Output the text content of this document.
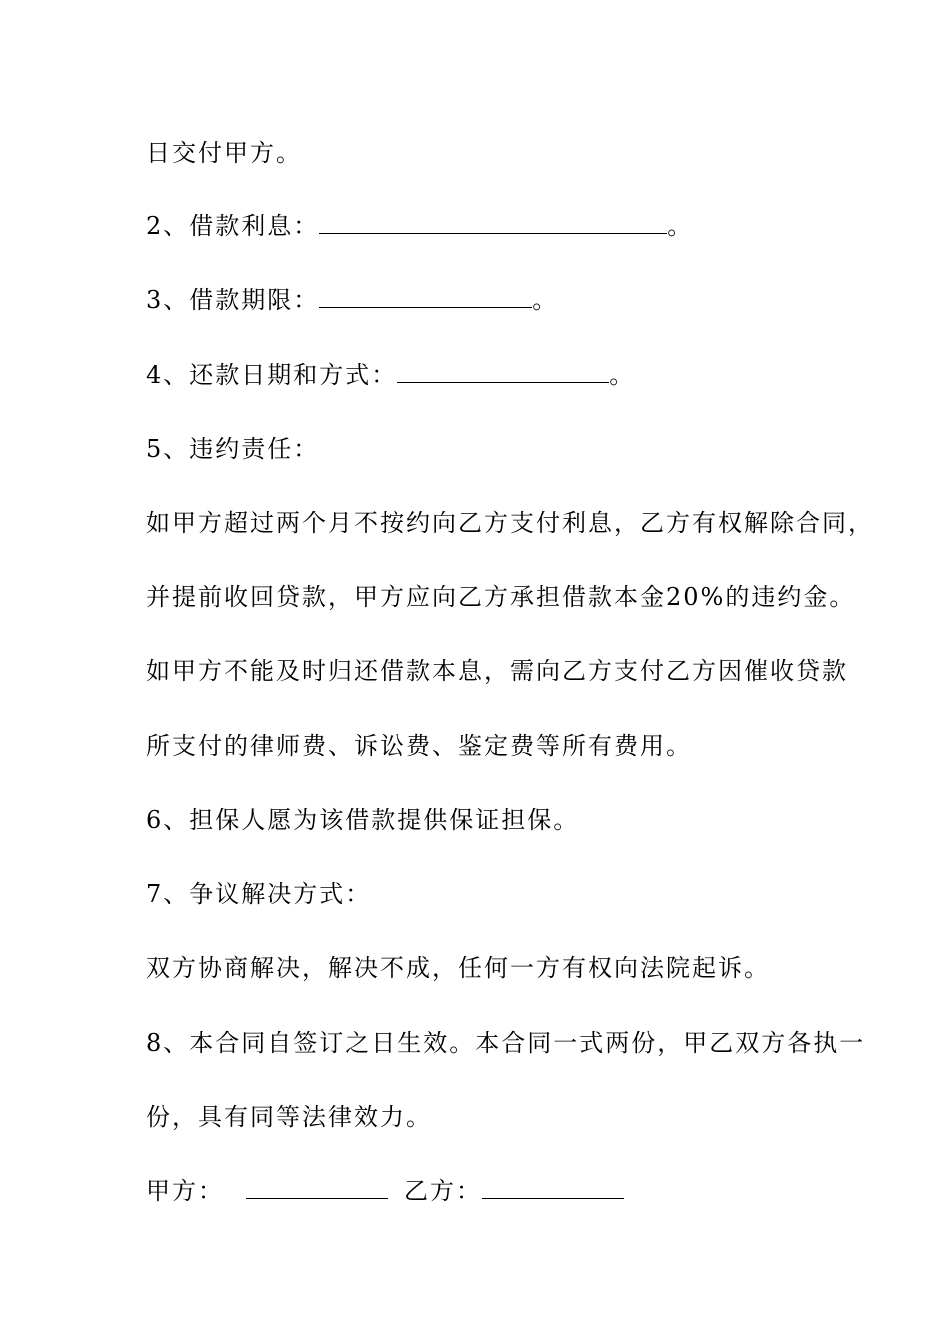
日交付甲方。
2、借款利息：	。
3、借款期限：	。
4、还款日期和方式：	。
5、违约责任：
如甲方超过两个月不按约向乙方支付利息，乙方有权解除合同，
并提前收回贷款，甲方应向乙方承担借款本金20%的违约金。
如甲方不能及时归还借款本息，需向乙方支付乙方因催收贷款
所支付的律师费、诉讼费、鉴定费等所有费用。
6、担保人愿为该借款提供保证担保。
7、争议解决方式：
双方协商解决，解决不成，任何一方有权向法院起诉。
8、本合同自签订之日生效。本合同一式两份，甲乙双方各执一
份，具有同等法律效力。
甲方：	乙方：
